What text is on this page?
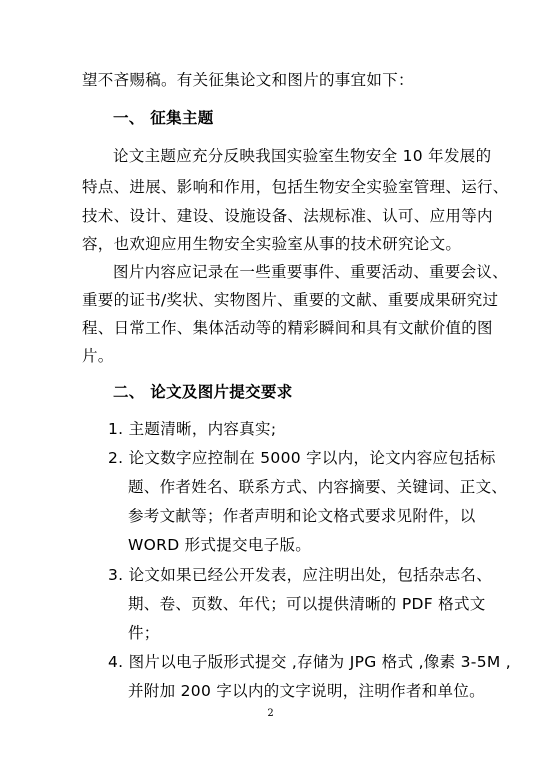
望不吝赐稿。有关征集论文和图片的事宜如下：
一、 征集主题
论文主题应充分反映我国实验室生物安全 10 年发展的
特点、进展、影响和作用，包括生物安全实验室管理、运行、
技术、设计、建设、设施设备、法规标准、认可、应用等内
容，也欢迎应用生物安全实验室从事的技术研究论文。
图片内容应记录在一些重要事件、重要活动、重要会议、
重要的证书/奖状、实物图片、重要的文献、重要成果研究过
程、日常工作、集体活动等的精彩瞬间和具有文献价值的图
片。
二、 论文及图片提交要求
1. 主题清晰，内容真实;
2. 论文数字应控制在 5000 字以内，论文内容应包括标
题、作者姓名、联系方式、内容摘要、关键词、正文、
参考文献等；作者声明和论文格式要求见附件，以
WORD 形式提交电子版。
3. 论文如果已经公开发表，应注明出处，包括杂志名、
期、卷、页数、年代；可以提供清晰的 PDF 格式文
件；
4. 图片以电子版形式提交 ,存储为 JPG 格式 ,像素 3-5M ,
并附加 200 字以内的文字说明，注明作者和单位。
2
